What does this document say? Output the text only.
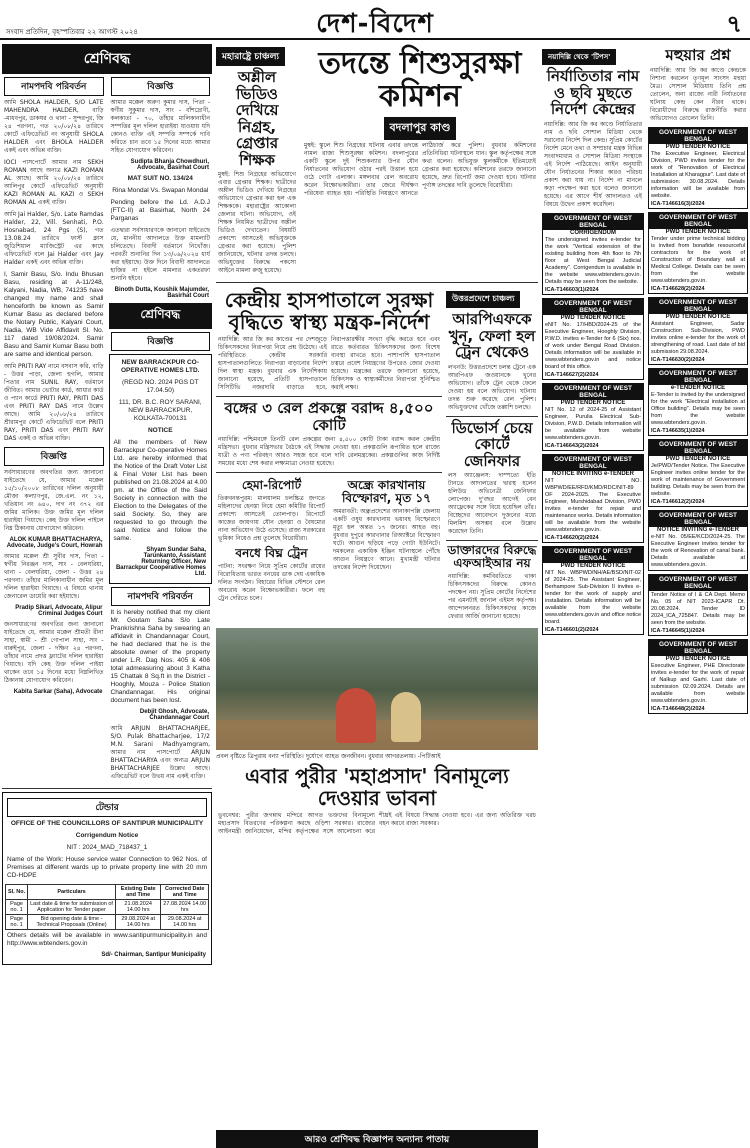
সংবাদ প্রতিদিন, বৃহস্পতিবার ২২ আগস্ট ২০২৪	দেশ-বিদেশ	৭
শ্রেণিবদ্ধ
নামপদবি পরিবর্তন
আমি SHOLA HALDER, S/O LATE MAHENDRA HALDER, বাড়ি -মাধবপুর, ডাকঘর ও থানা - সুন্দরপুর, জি ২৪ পরগনা, গত ২০/০৮/২৪ তারিখে কোর্টে এফিডেভিট নং অনুযায়ী SHOLA HALDER এবং BHOLA HALDER একই এবং অভিন্ন ব্যক্তি।
IOCI পাসপোর্টে আমার নাম SEKH ROMAN আছে অন্যত্র KAZI ROMAN AL আছে। আমি ২০/০৮/২৪ তারিখে আলিপুর কোর্টে এফিডেভিট অনুযায়ী KAZI ROMAN AL KAZI ও SEKH ROMAN AL একই ব্যক্তি।
আমি Jai Halder, S/o. Late Ramdas Halder, 22, Vill. Senhati, P.O. Hosnabad, 24 Pgs (S), গত 13.08.24 তারিখে ফার্স্ট ক্লাস জুডিশিয়াল ম্যাজিস্ট্রেট এর কাছে এফিডেভিট বলে Jai Halder এবং Jay Halder একই এবং অভিন্ন ব্যক্তি।
I, Samir Basu, S/o. Indu Bhusan Basu, residing at A-11/248, Kalyani, Nadia, WB, 741235 have changed my name and shall henceforth be known as Samir Kumar Basu as declared before the Notary Public, Kalyani Court, Nadia, WB Vide Affidavit Sl. No. 117 dated 19/08/2024. Samir Basu and Samir Kumar Basu both are same and identical person.
আমি PRITI RAY নামে বসবাস করি, বাড়ি - উত্তর পাড়া, জেলা হুগলি, আমার পিতার নাম SUNIL RAY, বর্তমানে জীবিত। আমার ভোটার কার্ড, আধার কার্ড ও প্যান কার্ডে PRITI RAY, PRITI DAS এবং PRITI RAY DAS নামে উল্লেখ আছে। আমি ২০/০৮/২৪ তারিখে শ্রীরামপুর কোর্টে এফিডেভিট বলে PRITI RAY, PRITI DAS এবং PRITI RAY DAS একই ও অভিন্ন ব্যক্তি।
বিজ্ঞপ্তি
সর্বসাধারণের অবগতির জন্য জানানো যাইতেছে যে, আমার মক্কেল ১৫/১০/২০০৮ তারিখের দলিল অনুযায়ী মৌজা কল্যাণপুর, জে.এল. নং ১২, খতিয়ান নং ৬৪০, দাগ নং ৩৭২ এর জমির মালিক। উক্ত জমির মূল দলিল হারাইয়া গিয়াছে। কেহ উক্ত দলিল পাইলে নিম্ন ঠিকানায় যোগাযোগ করিবেন।
ALOK KUMAR BHATTACHARYA, Advocate, Judge's Court, Howrah
আমার মক্কেল শ্রী সুবীর দাস, পিতা - স্বর্গীয় নিরঞ্জন দাস, সাং - বেলঘরিয়া, থানা - বেলঘরিয়া, জেলা - উত্তর ২৪ পরগনা। তাঁহার মালিকানাধীন জমির মূল দলিল হারাইয়া গিয়াছে। এ বিষয়ে থানায় জেনারেল ডায়েরি করা হইয়াছে।
Pradip Sikari, Advocate, Alipur Criminal Judges Court
জনসাধারণের অবগতির জন্য জানানো যাইতেছে যে, আমার মক্কেল শ্রীমতী রীনা সাহা, স্বামী - শ্রী গোপাল সাহা, সাং - বারুইপুর, জেলা - দক্ষিণ ২৪ পরগনা, তাঁহার নামে প্রদত্ত ফ্ল্যাটের দলিল হারাইয়া গিয়াছে। যদি কেহ উক্ত দলিল পাইয়া থাকেন তবে ১৫ দিনের মধ্যে নিম্নলিখিত ঠিকানায় যোগাযোগ করিবেন।
Kabita Sarkar (Saha), Advocate
বিজ্ঞপ্তি
আমার মক্কেল অরুণ কুমার দাস, পিতা - স্বর্গীয় সুকুমার দাস, সাং - বাঁশদ্রোণী, কলকাতা - ৭০, তাঁহার মালিকানাধীন সম্পত্তির মূল দলিল হারাইয়া যাওয়ায় যদি কোনও ব্যক্তি এই সম্পত্তি সম্পর্কে দাবি করিতে চান তবে ১৫ দিনের মধ্যে আমার সহিত যোগাযোগ করিবেন।
Sudipta Bhanja Chowdhuri, Advocate, Basirhat Court
MAT SUIT NO. 134/24
Rina Mondal Vs. Swapan Mondal
Pending before the Ld. A.D.J (FTC-II) at Basirhat, North 24 Parganas
এতদ্বারা সর্বসাধারণকে জানানো যাইতেছে যে, মাননীয় আদালতে উক্ত মামলাটি চলিতেছে। বিবাদী বর্তমানে নিখোঁজ। পরবর্তী শুনানির দিন ১৩/০৯/২০২৪ ধার্য করা হইয়াছে। উক্ত দিনে বিবাদী আদালতে হাজির না হইলে মামলার একতরফা শুনানি হইবে।
Binoth Dutta, Koushik Majumder, Basirhat Court
শ্রেণিবদ্ধ
বিজ্ঞপ্তি
NEW BARRACKPUR CO-OPERATIVE HOMES LTD.
(REGD NO. 2024 PGS DT 17.04.50)
111, DR. B.C. ROY SARANI, NEW BARRACKPUR, KOLKATA-700131
NOTICE
All the members of New Barrackpur Co-operative Homes Ltd. are hereby informed that the Notice of the Draft Voter List & Final Voter List has been published on 21.08.2024 at 4.00 pm. at the Office of the Said Society in connection with the Election to the Delegates of the said Society. So, they are requested to go through the said Notice and follow the same.
Shyam Sundar Saha, Tarunkanto, Assistant Returning Officer, New Barrackpur Cooperative Homes Ltd.
নামপদবি পরিবর্তন
It is hereby notified that my client Mr. Goutam Saha S/o Late Prankrishna Saha by swearing an affidavit in Chandannagar Court, he had declared that he is the absolute owner of the property under L.R. Dag Nos. 405 & 406 total admeasuring about 3 Katha 15 Chattak 8 Sq.ft in the District - Hooghly, Mouza - Police Station Chandannagar. His original document has been lost.
Debjit Ghosh, Advocate, Chandannagar Court
আমি ARJUN BHATTACHARJEE, S/O. Pulak Bhattacharjee, 17/2 M.N. Sarani Madhyamgram, আমার নাম পাসপোর্টে ARJUN BHATTACHARYA এবং অন্যত্র ARJUN BHATTACHARJEE উল্লেখ আছে। এফিডেভিট বলে উভয় নাম একই ব্যক্তি।
টেন্ডার
OFFICE OF THE COUNCILLORS OF SANTIPUR MUNICIPALITY
Corrigendum Notice
NIT : 2024_MAD_718437_1
Name of the Work: House service water Connection to 962 Nos. of Premises at different wards up to private property line with 20 mm CD-HDPE
Sl. No.	Particulars	Existing Date and Time	Corrected Date and Time
Page no. 1	Last date & time for submission of Application for Tender paper	21.08.2024 14.00 hrs	27.08.2024 14.00 hrs
Page no. 1	Bid opening date & time - Technical Proposals (Online)	29.08.2024 at 14.00 hrs	29.08.2024 at 14.00 hrs
Others details will be available in www.santipurmunicipality.in and http://www.wbtenders.gov.in
Sd/- Chairman, Santipur Municipality
মহারাষ্ট্রে চাঞ্চল্য
অশ্লীল ভিডিও দেখিয়ে নিগ্রহ, গ্রেপ্তার শিক্ষক
মুম্বই: শিশু নিগ্রহের অভিযোগে এবার গ্রেপ্তার শিক্ষক। ছাত্রীদের অশ্লীল ভিডিও দেখিয়ে নিগ্রহের অভিযোগে গ্রেপ্তার করা হল এক শিক্ষককে। মহারাষ্ট্রের আকোলা জেলার ঘটনা। অভিযোগ, ওই শিক্ষক নিয়মিত ছাত্রীদের অশ্লীল ভিডিও দেখাতেন। বিষয়টি প্রকাশ্যে আসতেই অভিযুক্তকে গ্রেপ্তার করা হয়েছে। পুলিশ জানিয়েছে, ঘটনার তদন্ত চলছে। অভিযুক্তের বিরুদ্ধে পকসো আইনে মামলা রুজু হয়েছে।
তদন্তে শিশুসুরক্ষা কমিশন
বদলাপুর কাণ্ড
মুম্বই: স্কুলে শিশু নিগ্রহের ঘটনায় এবার তদন্তে নামল রাজ্য শিশুসুরক্ষা কমিশন। বদলাপুরের একটি স্কুলে দুই শিশুকন্যার উপর যৌন নির্যাতনের অভিযোগ ওঠার পরই উত্তাল হয়ে ওঠে গোটা এলাকা। মঙ্গলবার রেল অবরোধ করেন বিক্ষোভকারীরা। তার জেরে দীর্ঘক্ষণ পরিষেবা ব্যাহত হয়। পরিস্থিতি নিয়ন্ত্রণে আনতে লাঠিচার্জ করে পুলিশ। বুধবার কমিশনের প্রতিনিধিরা ঘটনাস্থলে যান। স্কুল কর্তৃপক্ষের সঙ্গে কথা বলেন। অভিযুক্ত স্কুলকর্মীকে ইতিমধ্যেই গ্রেপ্তার করা হয়েছে। কমিশনের তরফে জানানো হয়েছে, দ্রুত রিপোর্ট জমা দেওয়া হবে। ঘটনার পূর্ণাঙ্গ তদন্তের দাবি তুলেছে বিরোধীরা।
কেন্দ্রীয় হাসপাতালে সুরক্ষা বৃদ্ধিতে স্বাস্থ্য মন্ত্রক-নির্দেশ
নয়াদিল্লি: আর জি কর কাণ্ডের পর দেশজুড়ে চিকিৎসকদের নিরাপত্তা নিয়ে প্রশ্ন উঠেছে। এই পরিস্থিতিতে কেন্দ্রীয় সরকারি হাসপাতালগুলিতে নিরাপত্তা বাড়ানোর নির্দেশ দিল স্বাস্থ্য মন্ত্রক। বুধবার এক নির্দেশিকায় জানানো হয়েছে, প্রতিটি হাসপাতালে সিসিটিভি নজরদারি বাড়াতে হবে, নিরাপত্তারক্ষীর সংখ্যা বৃদ্ধি করতে হবে এবং রাতে কর্তব্যরত চিকিৎসকদের জন্য বিশেষ ব্যবস্থা রাখতে হবে। পাশাপাশি হাসপাতাল চত্বরে প্রবেশ নিয়ন্ত্রণের উপরেও জোর দেওয়া হয়েছে। মন্ত্রকের তরফে জানানো হয়েছে, চিকিৎসক ও স্বাস্থ্যকর্মীদের নিরাপত্তা সুনিশ্চিত করাই লক্ষ্য।
বঙ্গের ৩ রেল প্রকল্পে বরাদ্দ ৪,৫০০ কোটি
নয়াদিল্লি: পশ্চিমবঙ্গে তিনটি রেল প্রকল্পের জন্য ৪,৫০০ কোটি টাকা বরাদ্দ করল কেন্দ্রীয় মন্ত্রিসভা। বুধবার মন্ত্রিসভার বৈঠকে এই সিদ্ধান্ত নেওয়া হয়। প্রকল্পগুলি রূপায়িত হলে রাজ্যে যাত্রী ও পণ্য পরিবহণ আরও সহজ হবে বলে দাবি রেলমন্ত্রকের। প্রকল্পগুলির কাজ নির্দিষ্ট সময়ের মধ্যে শেষ করার লক্ষ্যমাত্রা নেওয়া হয়েছে।
হেমা-রিপোর্ট
তিরুবনন্তপুরম: মালয়ালম চলচ্চিত্র জগতে মহিলাদের হেনস্তা নিয়ে হেমা কমিটির রিপোর্ট প্রকাশ্যে আসতেই তোলপাড়। রিপোর্টে কাজের জায়গায় যৌন হেনস্তা ও বৈষম্যের নানা অভিযোগ উঠে এসেছে। রাজ্য সরকারের ভূমিকা নিয়েও প্রশ্ন তুলেছে বিরোধীরা।
বনধে বিঘ্ন ট্রেন
পাটনা: সংরক্ষণ নিয়ে সুপ্রিম কোর্টের রায়ের বিরোধিতায় ভারত বনধের ডাক দেয় একাধিক দলিত সংগঠন। বিহারের বিভিন্ন স্টেশনে রেল অবরোধ করেন বিক্ষোভকারীরা। ফলে বহু ট্রেন দেরিতে চলে।
অন্ধ্রে কারখানায় বিস্ফোরণ, মৃত ১৭
অমরাবতী: অন্ধ্রপ্রদেশের আনাকাপল্লি জেলায় একটি ওষুধ কারখানায় ভয়াবহ বিস্ফোরণে মৃত্যু হল অন্তত ১৭ জনের। আহত বহু। বুধবার দুপুরে কারখানার রিঅ্যাক্টরে বিস্ফোরণ ঘটে। আগুন ছড়িয়ে পড়ে গোটা ইউনিটে। দমকলের একাধিক ইঞ্জিন ঘটনাস্থলে পৌঁছে আগুন নিয়ন্ত্রণে আনে। মুখ্যমন্ত্রী ঘটনার তদন্তের নির্দেশ দিয়েছেন।
উত্তরপ্রদেশে চাঞ্চল্য
আরপিএফকে খুন, ফেলা হল ট্রেন থেকেও
লখনউ: উত্তরপ্রদেশে চলন্ত ট্রেনে এক আরপিএফ জওয়ানকে খুনের অভিযোগ। তাঁকে ট্রেন থেকে ফেলে দেওয়া হয় বলে অভিযোগ। ঘটনায় তদন্ত শুরু করেছে রেল পুলিশ। অভিযুক্তদের খোঁজে তল্লাশি চলছে।
ডিভোর্স চেয়ে কোর্টে জেনিফার
লস অ্যাঞ্জেলস: দাম্পত্যে ইতি টানতে আদালতের দ্বারস্থ হলেন হলিউড অভিনেত্রী জেনিফার লোপেজ। দু'বছর আগেই বেন অ্যাফ্লেকের সঙ্গে বিয়ে হয়েছিল তাঁর। বিচ্ছেদের আবেদনে দুজনের মধ্যে মিলমিশ অসম্ভব বলে উল্লেখ করেছেন তিনি।
ডাক্তারদের বিরুদ্ধে এফআইআর নয়
নয়াদিল্লি: কর্মবিরতিতে থাকা চিকিৎসকদের বিরুদ্ধে কোনও পদক্ষেপ নয়। সুপ্রিম কোর্টের নির্দেশের পর এমনটাই জানাল এইমস কর্তৃপক্ষ। আন্দোলনরত চিকিৎসকদের কাজে ফেরার আর্জি জানানো হয়েছে।
প্রবল বৃষ্টিতে ত্রিপুরায় বন্যা পরিস্থিতি। দুর্যোগে ব্যাহত জনজীবন। বুধবার আগরতলায়। -পিটিআই
এবার পুরীর 'মহাপ্রসাদ' বিনামূল্যে দেওয়ার ভাবনা
ভুবনেশ্বর: পুরীর জগন্নাথ মন্দিরে আগত ভক্তদের বিনামূল্যে মহাপ্রসাদ বিতরণের পরিকল্পনা করছে ওড়িশা সরকার। রাজ্যের আইনমন্ত্রী জানিয়েছেন, মন্দির কর্তৃপক্ষের সঙ্গে আলোচনা করে শীঘ্রই এই বিষয়ে সিদ্ধান্ত নেওয়া হবে। এর জন্য অতিরিক্ত খরচ বহন করবে রাজ্য সরকার।
নয়াদিল্লি থেকে 'টিপস'
নির্যাতিতার নাম ও ছবি মুছতে নির্দেশ কেন্দ্রের
নয়াদিল্লি: আর জি কর কাণ্ডে নির্যাতিতার নাম ও ছবি সোশাল মিডিয়া থেকে সরানোর নির্দেশ দিল কেন্দ্র। সুপ্রিম কোর্টের নির্দেশ মেনে তথ্য ও সম্প্রচার মন্ত্রক বিভিন্ন সংবাদমাধ্যম ও সোশাল মিডিয়া সংস্থাকে এই নির্দেশ পাঠিয়েছে। আইন অনুযায়ী যৌন নির্যাতনের শিকার কারও পরিচয় প্রকাশ করা যায় না। নির্দেশ না মানলে কড়া পদক্ষেপ করা হবে বলেও জানানো হয়েছে। এর আগে শীর্ষ আদালতও এই বিষয়ে উদ্বেগ প্রকাশ করেছিল।
GOVERNMENT OF WEST BENGAL
CORRIGENDUM
The undersigned invites e-tender for the work "Vertical extension of the existing building from 4th floor to 7th floor at West Bengal Judicial Academy". Corrigendum is available in the website www.wbtenders.gov.in. Details may be seen from the website.
ICA-T146603(1)/2024
GOVERNMENT OF WEST BENGAL
PWD TENDER NOTICE
eNIT No. 17/HBD/2024-25 of the Executive Engineer, Hooghly Division, P.W.D. invites e-Tender for 6 (Six) nos. of work under Bengal Road Division. Details information will be available in www.wbtenders.gov.in and notice board of this office.
ICA-T146627(2)/2024
GOVERNMENT OF WEST BENGAL
PWD TENDER NOTICE
NIT No. 12 of 2024-25 of Assistant Engineer, Purulia Electrical Sub-Division, P.W.D. Details information will be available from website www.wbtenders.gov.in.
ICA-T146643(2)/2024
GOVERNMENT OF WEST BENGAL
NOTICE INVITING e-TENDER
NIT NO. WBPWD/EE/RFD/KMD/RDC/NIT-89 OF 2024-2025. The Executive Engineer, Murshidabad Division, PWD invites e-tender for repair and maintenance works. Details information will be available from the website www.wbtenders.gov.in.
ICA-T146620(2)/2024
GOVERNMENT OF WEST BENGAL
PWD TENDER NOTICE
NIT No. WBPWD/NH/AE/BSD/NIT-02 of 2024-25. The Assistant Engineer, Berhampore Sub-Division II invites e-tender for the work of supply and installation. Details information will be available from the website www.wbtenders.gov.in and office notice board.
ICA-T146601(2)/2024
মহুয়ার প্রশ্ন
নয়াদিল্লি: আর জি কর কাণ্ডে কেন্দ্রকে নিশানা করলেন তৃণমূল সাংসদ মহুয়া মৈত্র। সোশাল মিডিয়ায় তিনি প্রশ্ন তোলেন, অন্য রাজ্যে নারী নির্যাতনের ঘটনায় কেন্দ্র কেন নীরব থাকে। বিরোধীদের বিরুদ্ধে রাজনীতি করার অভিযোগও তোলেন তিনি।
GOVERNMENT OF WEST BENGAL
PWD TENDER NOTICE
The Executive Engineer, Electrical Division, PWD invites tender for the work of "Renovation of Electrical Installation at Kharagpur". Last date of submission: 30.08.2024. Details information will be available from website.
ICA-T146616(3)/2024
GOVERNMENT OF WEST BENGAL
PWD TENDER NOTICE
Tender under prime technical bidding is invited from bonafide resourceful contractors for the work of Construction of Boundary wall at Medical College. Details can be seen from the website www.wbtenders.gov.in.
ICA-T146628(2)/2024
GOVERNMENT OF WEST BENGAL
PWD TENDER NOTICE
Assistant Engineer, Sadar Construction Sub-Division, PWD invites online e-tender for the work of strengthening of road. Last date of bid submission 29.08.2024.
ICA-T146630(2)/2024
GOVERNMENT OF WEST BENGAL
e-TENDER NOTICE
E-Tender is invited by the undersigned for the work "Electrical installation at Office building". Details may be seen from the website www.wbtenders.gov.in.
ICA-T146635(1)/2024
GOVERNMENT OF WEST BENGAL
PWD TENDER NOTICE
Je/PWD/Tender Notice. The Executive Engineer invites online tender for the work of maintenance of Government building. Details may be seen from the website.
ICA-T146612(2)/2024
GOVERNMENT OF WEST BENGAL
NOTICE INVITING e-TENDER
e-NIT No. 05/EE/KCD/2024-25. The Executive Engineer invites tender for the work of Renovation of canal bank. Details available at www.wbtenders.gov.in.
GOVERNMENT OF WEST BENGAL
Tender Notice of I & CA Dept. Memo No. 05 of NIT 2023-ICAPR Dt. 20.08.2024. Tender ID 2024_ICA_725847. Details may be seen from the website.
ICA-T146645(1)/2024
GOVERNMENT OF WEST BENGAL
PWD TENDER NOTICE
Executive Engineer, PHE Directorate invites e-tender for the work of repair of Nalkup and Garhi. Last date of submission 02.09.2024. Details are available from website www.wbtenders.gov.in.
ICA-T146648(2)/2024
আরও শ্রেণিবদ্ধ বিজ্ঞাপন অন্যান্য পাতায়
